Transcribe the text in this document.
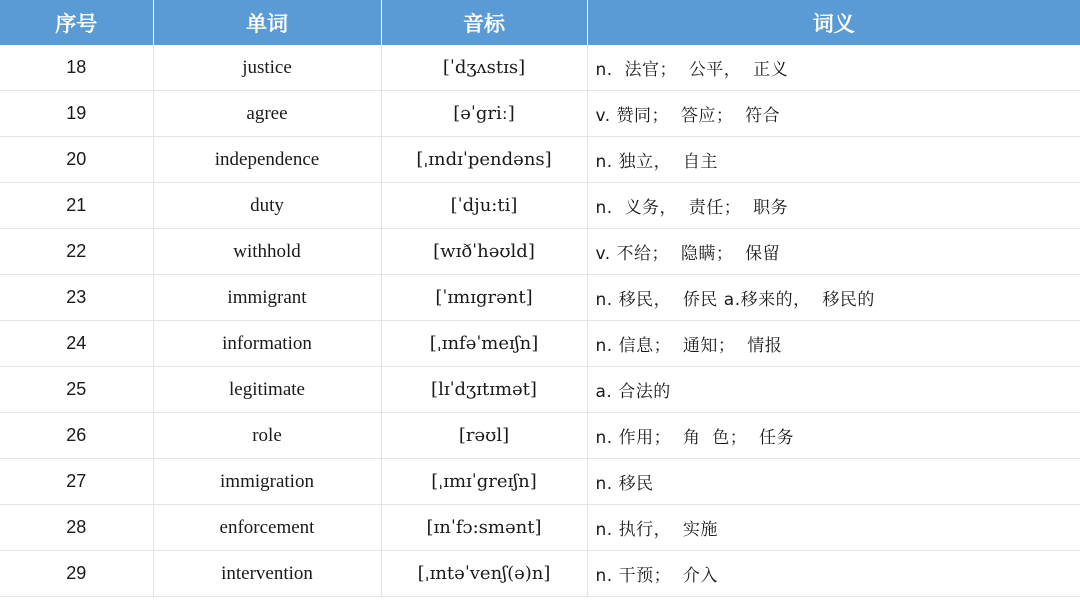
序号	单词	音标	词义
18	justice	[ˈdʒʌstɪs]	n.  法官；  公平，  正义
19	agree	[əˈgriː]	v. 赞同；  答应；  符合
20	independence	[ˌɪndɪˈpendəns]	n. 独立，  自主
21	duty	[ˈdju:ti]	n.  义务，  责任；  职务
22	withhold	[wɪðˈhəʊld]	v. 不给；  隐瞒；  保留
23	immigrant	[ˈɪmɪgrənt]	n. 移民，  侨民 a.移来的，  移民的
24	information	[ˌɪnfəˈmeɪʃn]	n. 信息；  通知；  情报
25	legitimate	[lɪˈdʒɪtɪmət]	a. 合法的
26	role	[rəʊl]	n. 作用；  角  色；  任务
27	immigration	[ˌɪmɪˈgreɪʃn]	n. 移民
28	enforcement	[ɪnˈfɔ:smənt]	n. 执行，  实施
29	intervention	[ˌɪntəˈvenʃ(ə)n]	n. 干预；  介入
